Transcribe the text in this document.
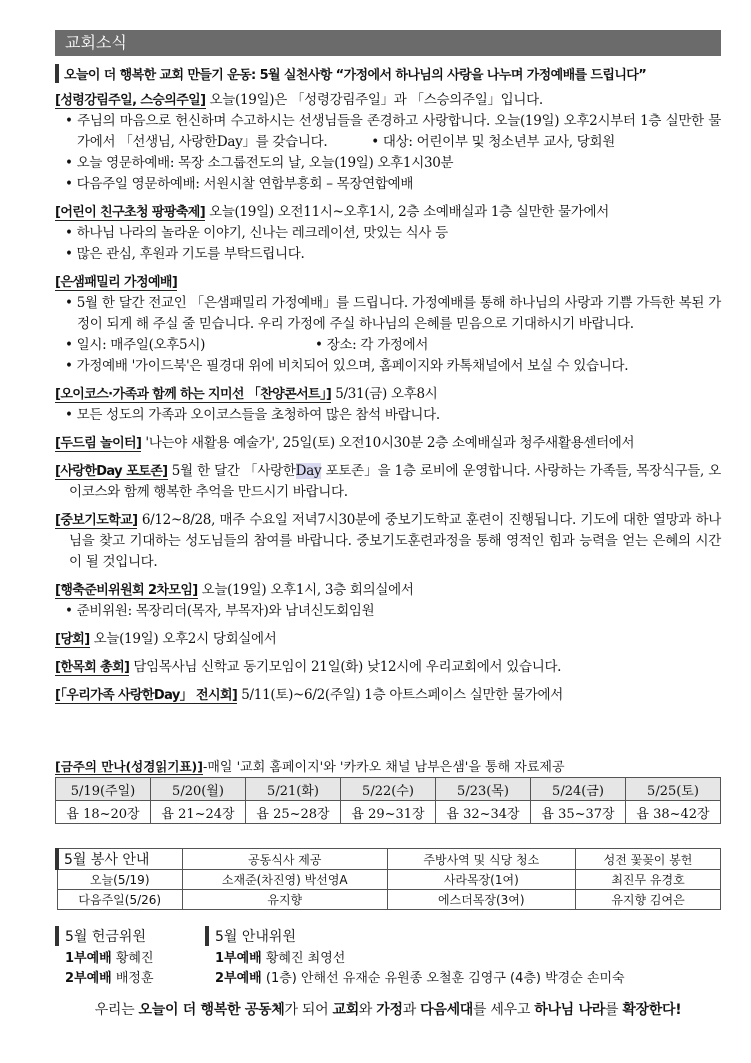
교회소식
오늘이 더 행복한 교회 만들기 운동: 5월 실천사항 “가정에서 하나님의 사랑을 나누며 가정예배를 드립니다”
[성령강림주일, 스승의주일] 오늘(19일)은 「성령강림주일」과 「스승의주일」입니다.
• 주님의 마음으로 헌신하며 수고하시는 선생님들을 존경하고 사랑합니다. 오늘(19일) 오후2시부터 1층 실만한 물가에서 「선생님, 사랑한Day」를 갖습니다.	• 대상: 어린이부 및 청소년부 교사, 당회원
• 오늘 영문하예배: 목장 소그룹전도의 날, 오늘(19일) 오후1시30분
• 다음주일 영문하예배: 서원시찰 연합부흥회 – 목장연합예배
[어린이 친구초청 팡팡축제] 오늘(19일) 오전11시~오후1시, 2층 소예배실과 1층 실만한 물가에서
• 하나님 나라의 놀라운 이야기, 신나는 레크레이션, 맛있는 식사 등
• 많은 관심, 후원과 기도를 부탁드립니다.
[은샘패밀리 가정예배]
• 5월 한 달간 전교인 「은샘패밀리 가정예배」를 드립니다. 가정예배를 통해 하나님의 사랑과 기쁨 가득한 복된 가정이 되게 해 주실 줄 믿습니다. 우리 가정에 주실 하나님의 은혜를 믿음으로 기대하시기 바랍니다.
• 일시: 매주일(오후5시)	• 장소: 각 가정에서
• 가정예배 '가이드북'은 필경대 위에 비치되어 있으며, 홈페이지와 카톡채널에서 보실 수 있습니다.
[오이코스·가족과 함께 하는 지미선 「찬양콘서트」] 5/31(금) 오후8시
• 모든 성도의 가족과 오이코스들을 초청하여 많은 참석 바랍니다.
[두드림 놀이터] '나는야 새활용 예술가', 25일(토) 오전10시30분 2층 소예배실과 청주새활용센터에서
[사랑한Day 포토존] 5월 한 달간 「사랑한Day 포토존」을 1층 로비에 운영합니다. 사랑하는 가족들, 목장식구들, 오이코스와 함께 행복한 추억을 만드시기 바랍니다.
[중보기도학교] 6/12~8/28, 매주 수요일 저녁7시30분에 중보기도학교 훈련이 진행됩니다. 기도에 대한 열망과 하나님을 찾고 기대하는 성도님들의 참여를 바랍니다. 중보기도훈련과정을 통해 영적인 힘과 능력을 얻는 은혜의 시간이 될 것입니다.
[행축준비위원회 2차모임] 오늘(19일) 오후1시, 3층 회의실에서
• 준비위원: 목장리더(목자, 부목자)와 남녀신도회임원
[당회] 오늘(19일) 오후2시 당회실에서
[한목회 총회] 담임목사님 신학교 동기모임이 21일(화) 낮12시에 우리교회에서 있습니다.
[「우리가족 사랑한Day」 전시회] 5/11(토)~6/2(주일) 1층 아트스페이스 실만한 물가에서
[금주의 만나(성경읽기표)]-매일 '교회 홈페이지'와 '카카오 채널 남부은샘'을 통해 자료제공
5/19(주일)	5/20(월)	5/21(화)	5/22(수)	5/23(목)	5/24(금)	5/25(토)
욥 18~20장	욥 21~24장	욥 25~28장	욥 29~31장	욥 32~34장	욥 35~37장	욥 38~42장
5월 봉사 안내	공동식사 제공	주방사역 및 식당 청소	성전 꽃꽂이 봉헌
오늘(5/19)	소재준(차진영) 박선영A	사라목장(1여)	최진무 유경호
다음주일(5/26)	유지향	에스더목장(3여)	유지향 김여은
5월 헌금위원
1부예배 황혜진
2부예배 배정훈
5월 안내위원
1부예배 황혜진 최영선
2부예배 (1층) 안해선 유재순 유원종 오철훈 김영구 (4층) 박경순 손미숙
우리는 오늘이 더 행복한 공동체가 되어 교회와 가정과 다음세대를 세우고 하나님 나라를 확장한다!
